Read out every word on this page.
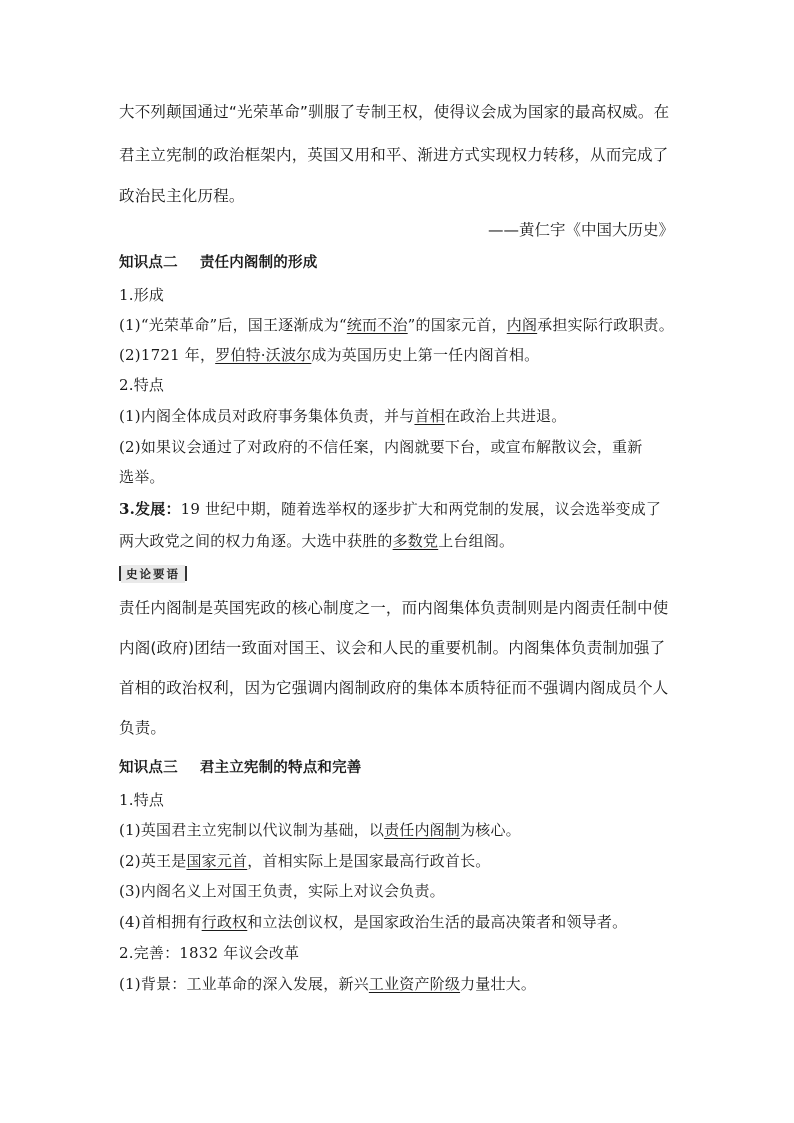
大不列颠国通过“光荣革命”驯服了专制王权，使得议会成为国家的最高权威。在
君主立宪制的政治框架内，英国又用和平、渐进方式实现权力转移，从而完成了
政治民主化历程。
——黄仁宇《中国大历史》
知识点二 责任内阁制的形成
1.形成
(1)“光荣革命”后，国王逐渐成为“统而不治”的国家元首，内阁承担实际行政职责。
(2)1721 年，罗伯特·沃波尔成为英国历史上第一任内阁首相。
2.特点
(1)内阁全体成员对政府事务集体负责，并与首相在政治上共进退。
(2)如果议会通过了对政府的不信任案，内阁就要下台，或宣布解散议会，重新
选举。
3.发展：19 世纪中期，随着选举权的逐步扩大和两党制的发展，议会选举变成了
两大政党之间的权力角逐。大选中获胜的多数党上台组阁。
史论要语
责任内阁制是英国宪政的核心制度之一，而内阁集体负责制则是内阁责任制中使
内阁(政府)团结一致面对国王、议会和人民的重要机制。内阁集体负责制加强了
首相的政治权利，因为它强调内阁制政府的集体本质特征而不强调内阁成员个人
负责。
知识点三 君主立宪制的特点和完善
1.特点
(1)英国君主立宪制以代议制为基础，以责任内阁制为核心。
(2)英王是国家元首，首相实际上是国家最高行政首长。
(3)内阁名义上对国王负责，实际上对议会负责。
(4)首相拥有行政权和立法创议权，是国家政治生活的最高决策者和领导者。
2.完善：1832 年议会改革
(1)背景：工业革命的深入发展，新兴工业资产阶级力量壮大。
